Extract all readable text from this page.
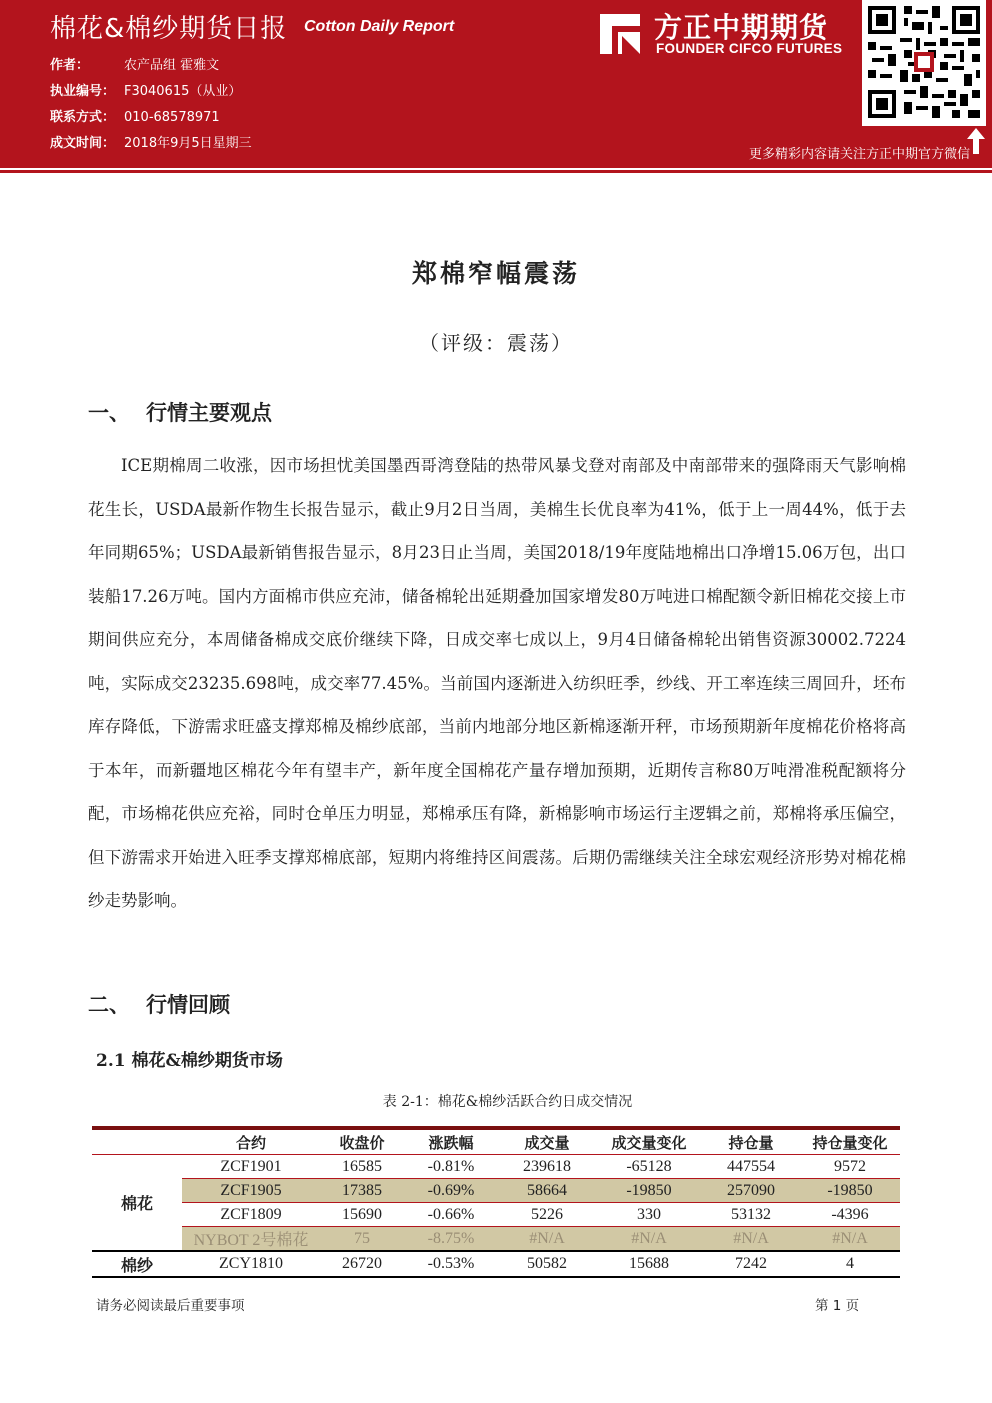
棉花&棉纱期货日报 Cotton Daily Report
作者：	农产品组 霍雅文
执业编号： F3040615（从业）
联系方式： 010-68578971
成文时间： 2018年9月5日星期三
方正中期期货
FOUNDER CIFCO FUTURES
更多精彩内容请关注方正中期官方微信
郑棉窄幅震荡
（评级：震荡）
一、 行情主要观点

ICE期棉周二收涨，因市场担忧美国墨西哥湾登陆的热带风暴戈登对南部及中南部带来的强降雨天气影响棉花生长，USDA最新作物生长报告显示，截止9月2日当周，美棉生长优良率为41%，低于上一周44%，低于去年同期65%；USDA最新销售报告显示，8月23日止当周，美国2018/19年度陆地棉出口净增15.06万包，出口装船17.26万吨。国内方面棉市供应充沛，储备棉轮出延期叠加国家增发80万吨进口棉配额令新旧棉花交接上市期间供应充分，本周储备棉成交底价继续下降，日成交率七成以上，9月4日储备棉轮出销售资源30002.7224吨，实际成交23235.698吨，成交率77.45%。当前国内逐渐进入纺织旺季，纱线、开工率连续三周回升，坯布库存降低，下游需求旺盛支撑郑棉及棉纱底部，当前内地部分地区新棉逐渐开秤，市场预期新年度棉花价格将高于本年，而新疆地区棉花今年有望丰产，新年度全国棉花产量存增加预期，近期传言称80万吨滑准税配额将分配，市场棉花供应充裕，同时仓单压力明显，郑棉承压有降，新棉影响市场运行主逻辑之前，郑棉将承压偏空，但下游需求开始进入旺季支撑郑棉底部，短期内将维持区间震荡。后期仍需继续关注全球宏观经济形势对棉花棉纱走势影响。

二、 行情回顾
2.1 棉花&棉纱期货市场
表 2-1：棉花&棉纱活跃合约日成交情况

	合约	收盘价	涨跌幅	成交量	成交量变化	持仓量	持仓量变化
棉花	ZCF1901	16585	-0.81%	239618	-65128	447554	9572
	ZCF1905	17385	-0.69%	58664	-19850	257090	-19850
	ZCF1809	15690	-0.66%	5226	330	53132	-4396
	NYBOT 2号棉花	75	-8.75%	#N/A	#N/A	#N/A	#N/A
棉纱	ZCY1810	26720	-0.53%	50582	15688	7242	4
请务必阅读最后重要事项	第 1 页
